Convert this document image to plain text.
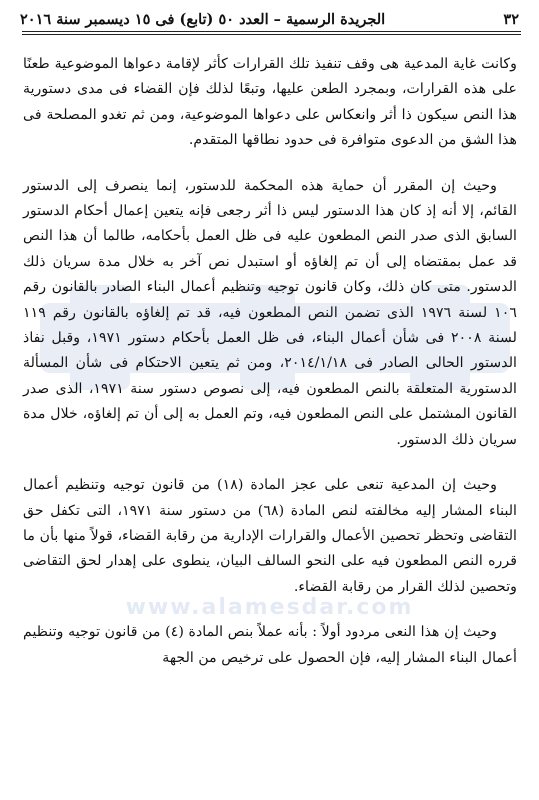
٣٢
الجريدة الرسمية – العدد ٥٠ (تابع) فى ١٥ ديسمبر سنة ٢٠١٦
www.alamesdar.com

وكانت غاية المدعية هى وقف تنفيذ تلك القرارات كأثر لإقامة دعواها الموضوعية طعنًا على هذه القرارات، وبمجرد الطعن عليها، وتبعًا لذلك فإن القضاء فى مدى دستورية هذا النص سيكون ذا أثر وانعكاس على دعواها الموضوعية، ومن ثم تغدو المصلحة فى هذا الشق من الدعوى متوافرة فى حدود نطاقها المتقدم.

وحيث إن المقرر أن حماية هذه المحكمة للدستور، إنما ينصرف إلى الدستور القائم، إلا أنه إذ كان هذا الدستور ليس ذا أثر رجعى فإنه يتعين إعمال أحكام الدستور السابق الذى صدر النص المطعون عليه فى ظل العمل بأحكامه، طالما أن هذا النص قد عمل بمقتضاه إلى أن تم إلغاؤه أو استبدل نص آخر به خلال مدة سريان ذلك الدستور. متى كان ذلك، وكان قانون توجيه وتنظيم أعمال البناء الصادر بالقانون رقم ١٠٦ لسنة ١٩٧٦ الذى تضمن النص المطعون فيه، قد تم إلغاؤه بالقانون رقم ١١٩ لسنة ٢٠٠٨ فى شأن أعمال البناء، فى ظل العمل بأحكام دستور ١٩٧١، وقبل نفاذ الدستور الحالى الصادر فى ٢٠١٤/١/١٨، ومن ثم يتعين الاحتكام فى شأن المسألة الدستورية المتعلقة بالنص المطعون فيه، إلى نصوص دستور سنة ١٩٧١، الذى صدر القانون المشتمل على النص المطعون فيه، وتم العمل به إلى أن تم إلغاؤه، خلال مدة سريان ذلك الدستور.

وحيث إن المدعية تنعى على عجز المادة (١٨) من قانون توجيه وتنظيم أعمال البناء المشار إليه مخالفته لنص المادة (٦٨) من دستور سنة ١٩٧١، التى تكفل حق التقاضى وتحظر تحصين الأعمال والقرارات الإدارية من رقابة القضاء، قولاً منها بأن ما قرره النص المطعون فيه على النحو السالف البيان، ينطوى على إهدار لحق التقاضى وتحصين لذلك القرار من رقابة القضاء.

وحيث إن هذا النعى مردود أولاً : بأنه عملاً بنص المادة (٤) من قانون توجيه وتنظيم أعمال البناء المشار إليه، فإن الحصول على ترخيص من الجهة
